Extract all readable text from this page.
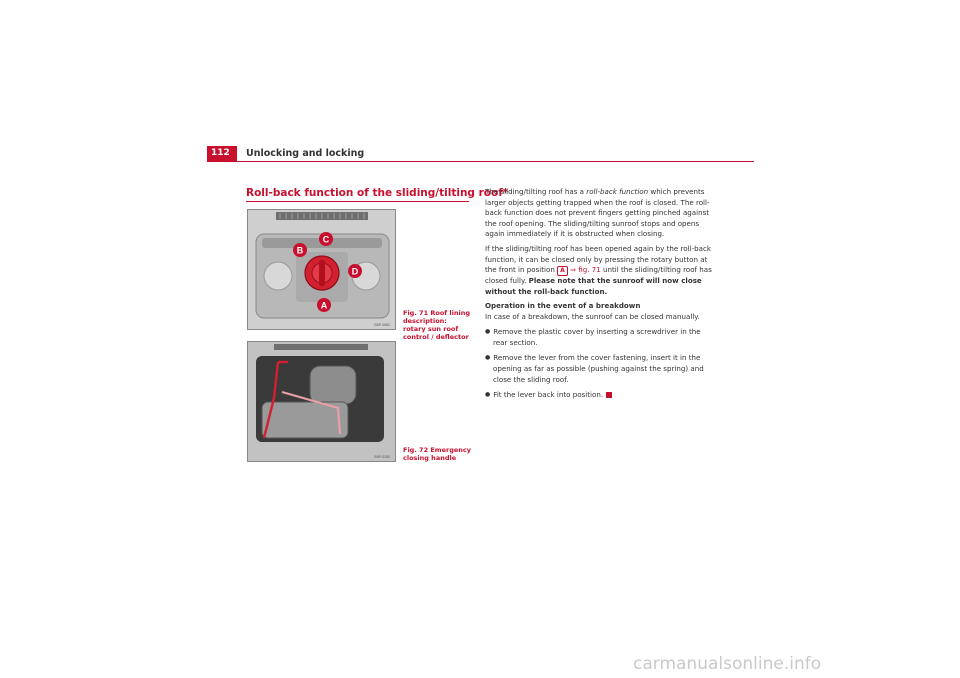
112 Unlocking and locking
Roll-back function of the sliding/tilting roof*
B
C
D
A
B5P-0081
Fig. 71 Roof lining description: rotary sun roof control / deflector
B5P-0150
Fig. 72 Emergency closing handle

The sliding/tilting roof has a roll-back function which prevents larger objects getting trapped when the roof is closed. The roll-back function does not prevent fingers getting pinched against the roof opening. The sliding/tilting sunroof stops and opens again immediately if it is obstructed when closing.

If the sliding/tilting roof has been opened again by the roll-back function, it can be closed only by pressing the rotary button at the front in position A ⇒ fig. 71 until the sliding/tilting roof has closed fully. Please note that the sunroof will now close without the roll-back function.

Operation in the event of a breakdown
In case of a breakdown, the sunroof can be closed manually.

● Remove the plastic cover by inserting a screwdriver in the rear section.

● Remove the lever from the cover fastening, insert it in the opening as far as possible (pushing against the spring) and close the sliding roof.

● Fit the lever back into position.

carmanualsonline.info
